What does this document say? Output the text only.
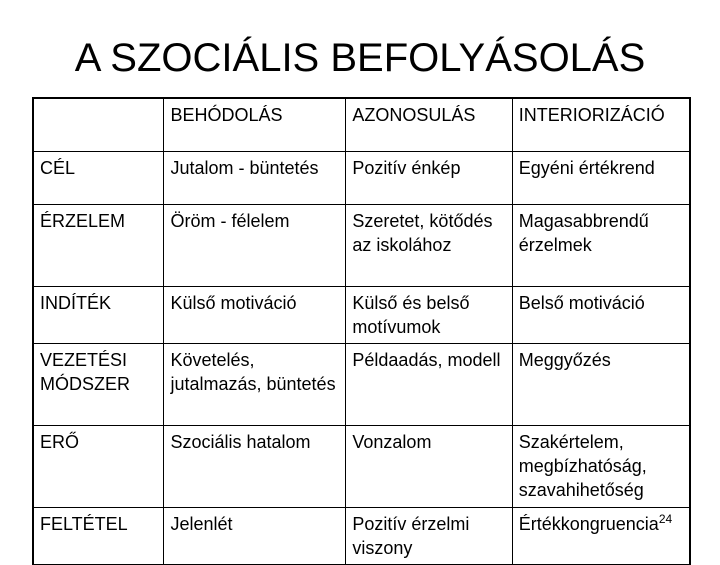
A SZOCIÁLIS BEFOLYÁSOLÁS
	BEHÓDOLÁS	AZONOSULÁS	INTERIORIZÁCIÓ
CÉL	Jutalom - büntetés	Pozitív énkép	Egyéni értékrend
ÉRZELEM	Öröm - félelem	Szeretet, kötődés az iskolához	Magasabbrendű érzelmek
INDÍTÉK	Külső motiváció	Külső és belső motívumok	Belső motiváció
VEZETÉSI MÓDSZER	Követelés, jutalmazás, büntetés	Példaadás, modell	Meggyőzés
ERŐ	Szociális hatalom	Vonzalom	Szakértelem, megbízhatóság, szavahihetőség
FELTÉTEL	Jelenlét	Pozitív érzelmi viszony	Értékkongruencia$^{24}$
